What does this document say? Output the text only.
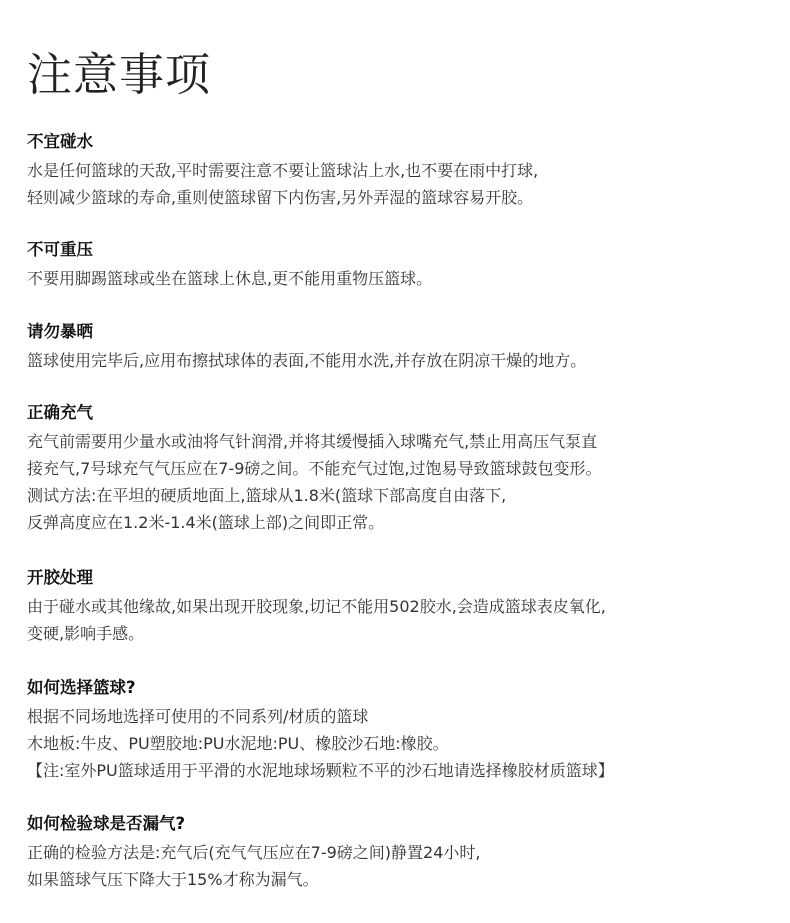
注意事项
不宜碰水

水是任何篮球的天敌,平时需要注意不要让篮球沾上水,也不要在雨中打球,

轻则减少篮球的寿命,重则使篮球留下内伤害,另外弄湿的篮球容易开胶。

不可重压

不要用脚踢篮球或坐在篮球上休息,更不能用重物压篮球。

请勿暴晒

篮球使用完毕后,应用布擦拭球体的表面,不能用水洗,并存放在阴凉干燥的地方。

正确充气

充气前需要用少量水或油将气针润滑,并将其缓慢插入球嘴充气,禁止用高压气泵直

接充气,7号球充气气压应在7-9磅之间。不能充气过饱,过饱易导致篮球鼓包变形。

测试方法:在平坦的硬质地面上,篮球从1.8米(篮球下部高度自由落下,

反弹高度应在1.2米-1.4米(篮球上部)之间即正常。

开胶处理

由于碰水或其他缘故,如果出现开胶现象,切记不能用502胶水,会造成篮球表皮氧化,

变硬,影响手感。

如何选择篮球?

根据不同场地选择可使用的不同系列/材质的篮球

木地板:牛皮、PU塑胶地:PU水泥地:PU、橡胶沙石地:橡胶。

【注:室外PU篮球适用于平滑的水泥地球场颗粒不平的沙石地请选择橡胶材质篮球】

如何检验球是否漏气?

正确的检验方法是:充气后(充气气压应在7-9磅之间)静置24小时,

如果篮球气压下降大于15%才称为漏气。
